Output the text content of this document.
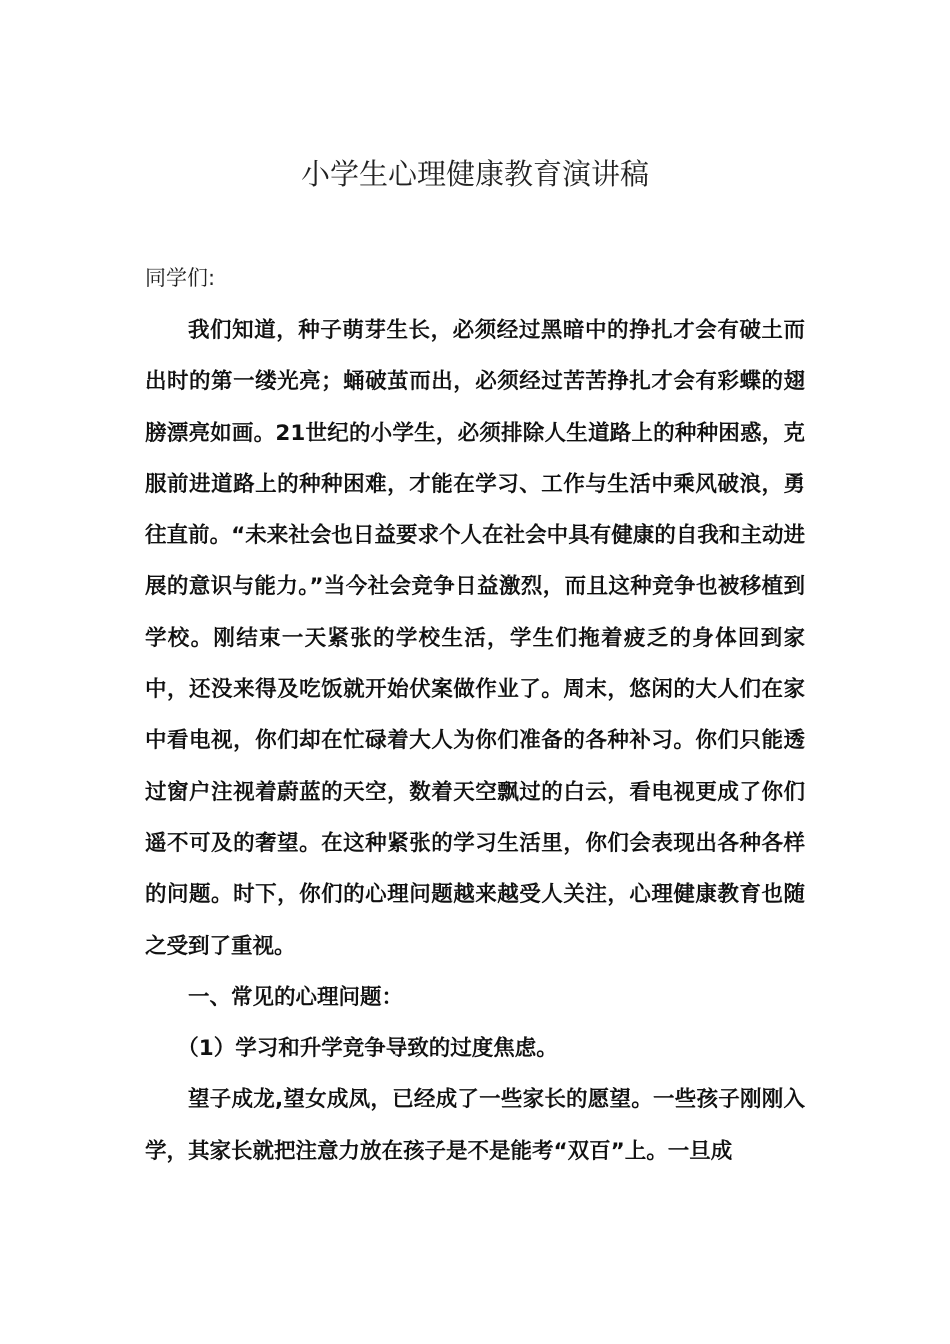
小学生心理健康教育演讲稿

同学们:

我们知道，种子萌芽生长，必须经过黑暗中的挣扎才会有破土而出时的第一缕光亮；蛹破茧而出，必须经过苦苦挣扎才会有彩蝶的翅膀漂亮如画。21世纪的小学生，必须排除人生道路上的种种困惑，克服前进道路上的种种困难，才能在学习、工作与生活中乘风破浪，勇往直前。“未来社会也日益要求个人在社会中具有健康的自我和主动进展的意识与能力。”当今社会竞争日益激烈，而且这种竞争也被移植到学校。刚结束一天紧张的学校生活，学生们拖着疲乏的身体回到家中，还没来得及吃饭就开始伏案做作业了。周末，悠闲的大人们在家中看电视，你们却在忙碌着大人为你们准备的各种补习。你们只能透过窗户注视着蔚蓝的天空，数着天空飘过的白云，看电视更成了你们遥不可及的奢望。在这种紧张的学习生活里，你们会表现出各种各样的问题。时下，你们的心理问题越来越受人关注，心理健康教育也随之受到了重视。

一、常见的心理问题：

（1）学习和升学竞争导致的过度焦虑。

望子成龙,望女成凤，已经成了一些家长的愿望。一些孩子刚刚入学，其家长就把注意力放在孩子是不是能考“双百”上。一旦成
